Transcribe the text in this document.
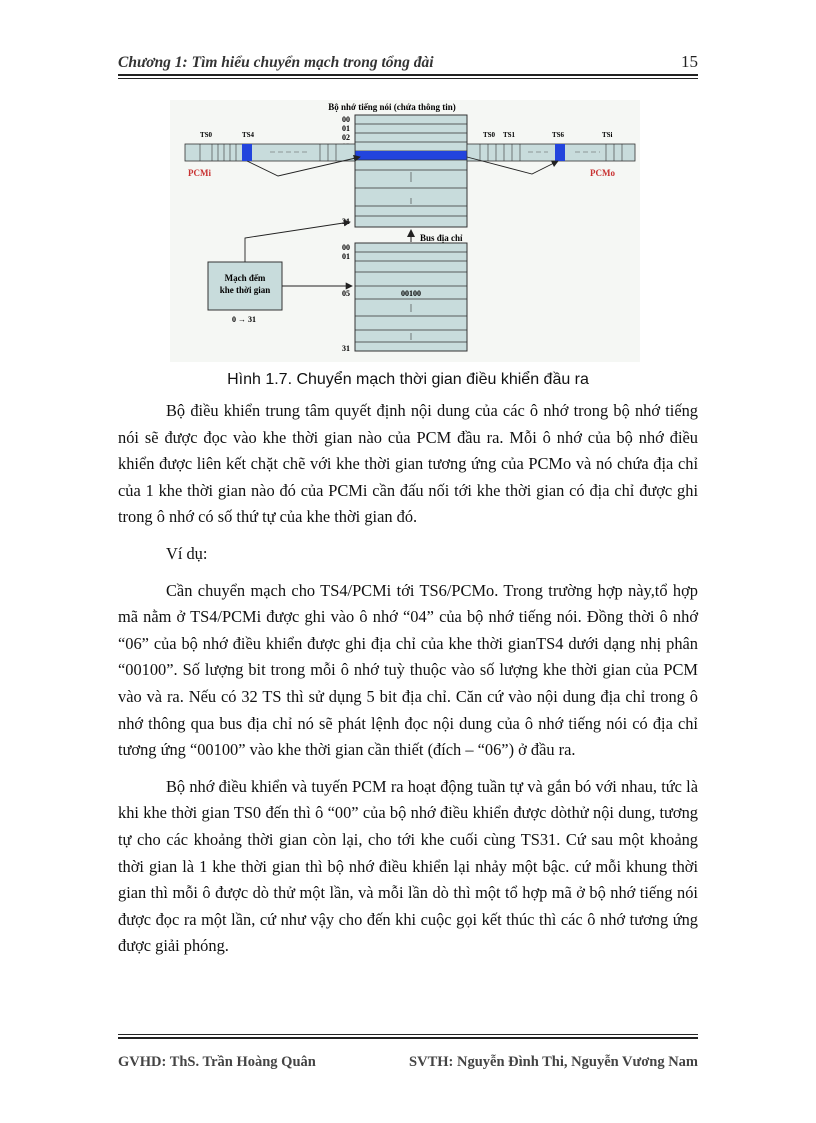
Chương 1: Tìm hiểu chuyển mạch trong tổng đài	15
Bộ nhớ tiếng nói (chứa thông tin)
00
01
02
31
TS0	TS4
PCMi
TS0 TS1	TS6	TSi
PCMo
Bus địa chỉ
00100
00
01
05
31
Mạch đếm
khe thời gian
0 → 31
Hình 1.7. Chuyển mạch thời gian điều khiển đầu ra

Bộ điều khiển trung tâm quyết định nội dung của các ô nhớ trong bộ nhớ tiếng nói sẽ được đọc vào khe thời gian nào của PCM đầu ra. Mỗi ô nhớ của bộ nhớ điều khiển được liên kết chặt chẽ với khe thời gian tương ứng của PCMo và nó chứa địa chỉ của 1 khe thời gian nào đó của PCMi cần đấu nối tới khe thời gian có địa chỉ được ghi trong ô nhớ có số thứ tự của khe thời gian đó.

Ví dụ:

Cần chuyển mạch cho TS4/PCMi tới TS6/PCMo. Trong trường hợp này,tổ hợp mã nằm ở TS4/PCMi được ghi vào ô nhớ “04” của bộ nhớ tiếng nói. Đồng thời ô nhớ “06” của bộ nhớ điều khiển được ghi địa chỉ của khe thời gianTS4 dưới dạng nhị phân “00100”. Số lượng bit trong mỗi ô nhớ tuỳ thuộc vào số lượng khe thời gian của PCM vào và ra. Nếu có 32 TS thì sử dụng 5 bit địa chỉ. Căn cứ vào nội dung địa chỉ trong ô nhớ thông qua bus địa chỉ nó sẽ phát lệnh đọc nội dung của ô nhớ tiếng nói có địa chỉ tương ứng “00100” vào khe thời gian cần thiết (đích – “06”) ở đầu ra.

Bộ nhớ điều khiển và tuyến PCM ra hoạt động tuần tự và gắn bó với nhau, tức là khi khe thời gian TS0 đến thì ô “00” của bộ nhớ điều khiển được dòthử nội dung, tương tự cho các khoảng thời gian còn lại, cho tới khe cuối cùng TS31. Cứ sau một khoảng thời gian là 1 khe thời gian thì bộ nhớ điều khiển lại nhảy một bậc. cứ mỗi khung thời gian thì mỗi ô được dò thử một lần, và mỗi lần dò thì một tổ hợp mã ở bộ nhớ tiếng nói được đọc ra một lần, cứ như vậy cho đến khi cuộc gọi kết thúc thì các ô nhớ tương ứng được giải phóng.

GVHD: ThS. Trần Hoàng Quân	SVTH: Nguyễn Đình Thi, Nguyễn Vương Nam
